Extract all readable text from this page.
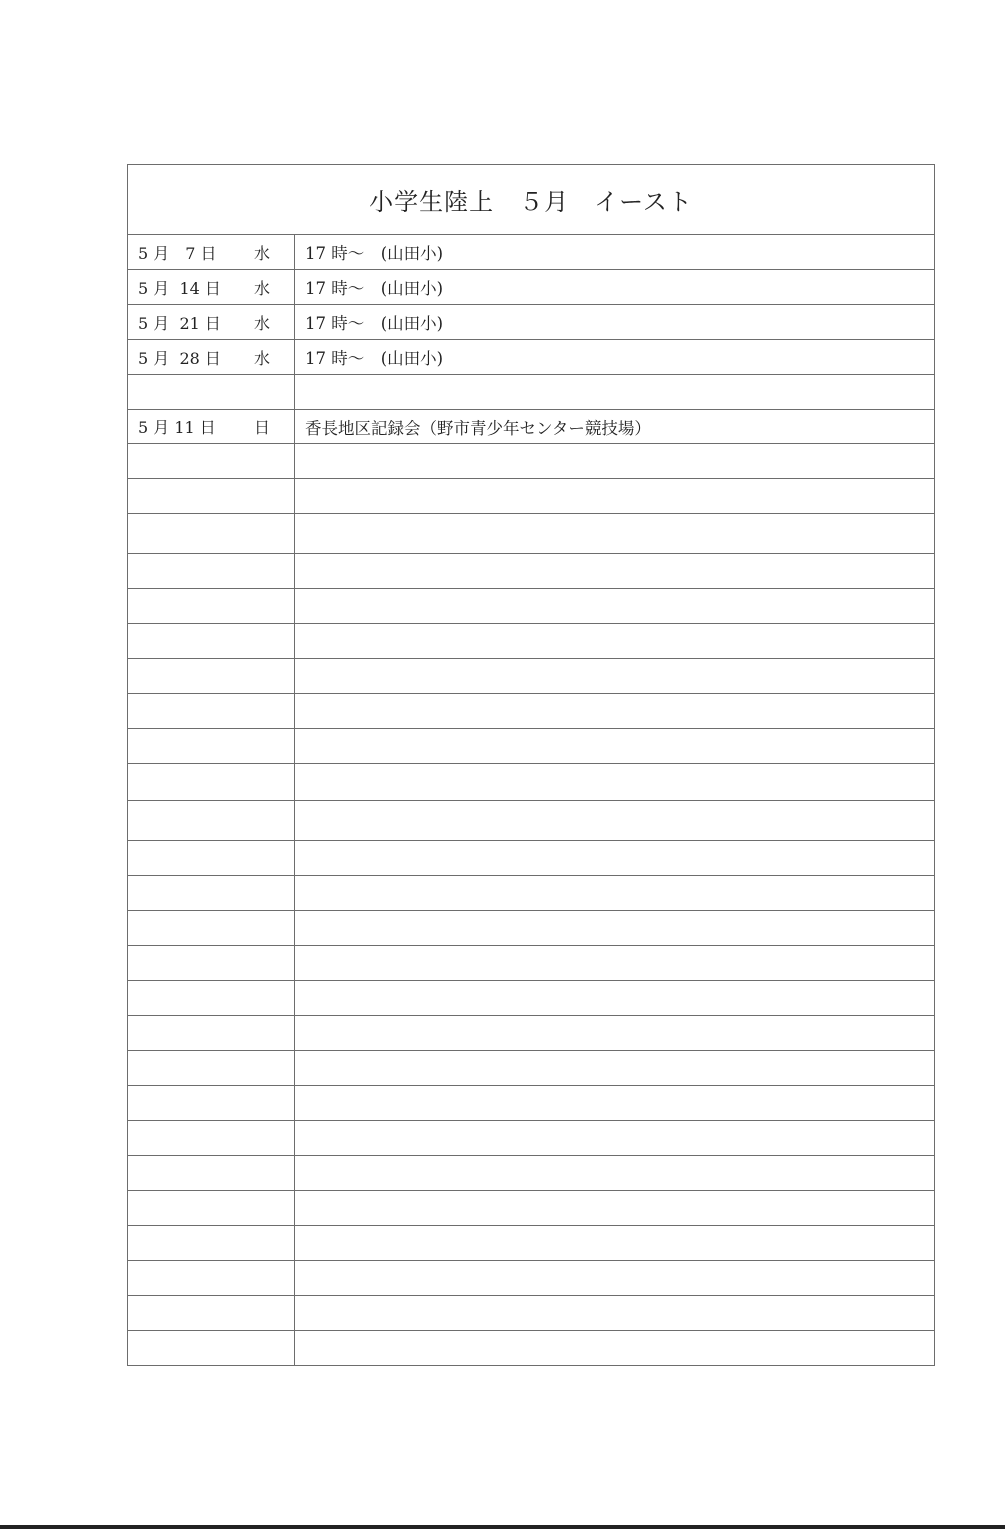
小学生陸上　５月　イースト
5 月　7 日	水	17 時～　(山田小)
5 月  14 日	水	17 時～　(山田小)
5 月  21 日	水	17 時～　(山田小)
5 月  28 日	水	17 時～　(山田小)
5 月 11 日	日	香長地区記録会（野市青少年センター競技場）
